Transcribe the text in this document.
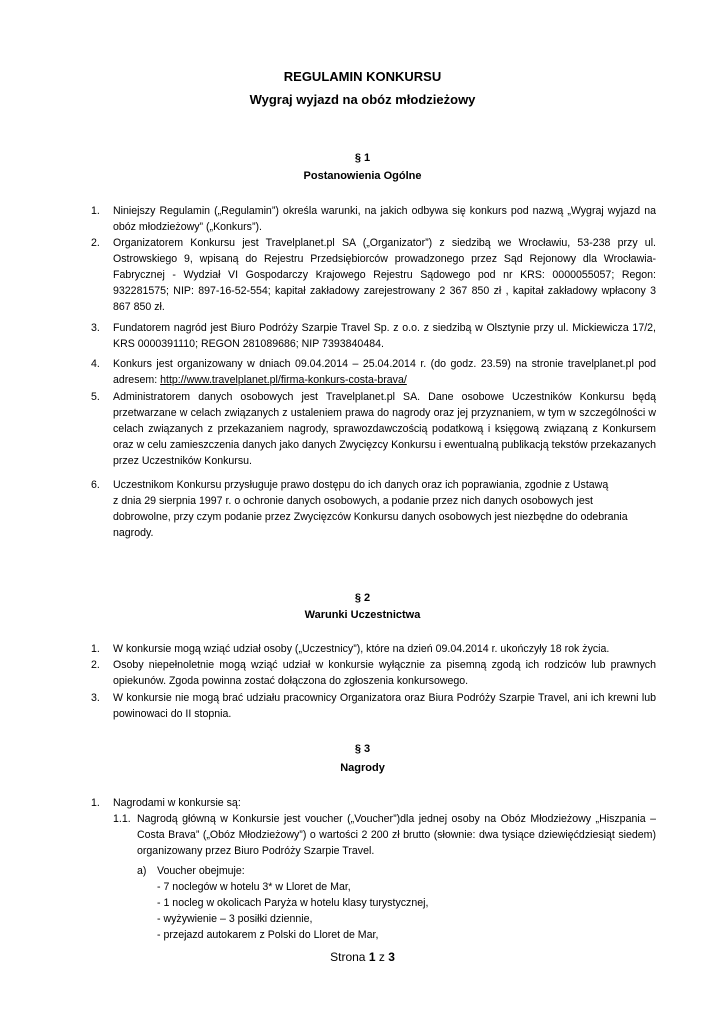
REGULAMIN KONKURSU
Wygraj wyjazd na obóz młodzieżowy
§ 1
Postanowienia Ogólne
1. Niniejszy Regulamin („Regulamin”) określa warunki, na jakich odbywa się konkurs pod nazwą „Wygraj wyjazd na obóz młodzieżowy” („Konkurs”).
2. Organizatorem Konkursu jest Travelplanet.pl SA („Organizator”) z siedzibą we Wrocławiu, 53-238 przy ul. Ostrowskiego 9, wpisaną do Rejestru Przedsiębiorców prowadzonego przez Sąd Rejonowy dla Wrocławia-Fabrycznej - Wydział VI Gospodarczy Krajowego Rejestru Sądowego pod nr KRS: 0000055057; Regon: 932281575; NIP: 897-16-52-554; kapitał zakładowy zarejestrowany 2 367 850 zł , kapitał zakładowy wpłacony 3 867 850 zł.
3. Fundatorem nagród jest Biuro Podróży Szarpie Travel Sp. z o.o. z siedzibą w Olsztynie przy ul. Mickiewicza 17/2, KRS 0000391110; REGON 281089686; NIP 7393840484.
4. Konkurs jest organizowany w dniach 09.04.2014 – 25.04.2014 r. (do godz. 23.59) na stronie travelplanet.pl pod adresem: http://www.travelplanet.pl/firma-konkurs-costa-brava/
5. Administratorem danych osobowych jest Travelplanet.pl SA. Dane osobowe Uczestników Konkursu będą przetwarzane w celach związanych z ustaleniem prawa do nagrody oraz jej przyznaniem, w tym w szczególności w celach związanych z przekazaniem nagrody, sprawozdawczością podatkową i księgową związaną z Konkursem oraz w celu zamieszczenia danych jako danych Zwycięzcy Konkursu i ewentualną publikacją tekstów przekazanych przez Uczestników Konkursu.
6. Uczestnikom Konkursu przysługuje prawo dostępu do ich danych oraz ich poprawiania, zgodnie z Ustawą
z dnia 29 sierpnia 1997 r. o ochronie danych osobowych, a podanie przez nich danych osobowych jest
dobrowolne, przy czym podanie przez Zwycięzców Konkursu danych osobowych jest niezbędne do odebrania
nagrody.
§ 2
Warunki Uczestnictwa
1. W konkursie mogą wziąć udział osoby („Uczestnicy”), które na dzień 09.04.2014 r. ukończyły 18 rok życia.
2. Osoby niepełnoletnie mogą wziąć udział w konkursie wyłącznie za pisemną zgodą ich rodziców lub prawnych opiekunów. Zgoda powinna zostać dołączona do zgłoszenia konkursowego.
3. W konkursie nie mogą brać udziału pracownicy Organizatora oraz Biura Podróży Szarpie Travel, ani ich krewni lub powinowaci do II stopnia.
§ 3
Nagrody
1. Nagrodami w konkursie są:
1.1. Nagrodą główną w Konkursie jest voucher („Voucher”)dla jednej osoby na Obóz Młodzieżowy „Hiszpania – Costa Brava” („Obóz Młodzieżowy”) o wartości 2 200 zł brutto (słownie: dwa tysiące dziewięćdziesiąt siedem) organizowany przez Biuro Podróży Szarpie Travel.
a) Voucher obejmuje:
- 7 noclegów w hotelu 3* w Lloret de Mar,
- 1 nocleg w okolicach Paryża w hotelu klasy turystycznej,
- wyżywienie – 3 posiłki dziennie,
- przejazd autokarem z Polski do Lloret de Mar,
Strona 1 z 3
